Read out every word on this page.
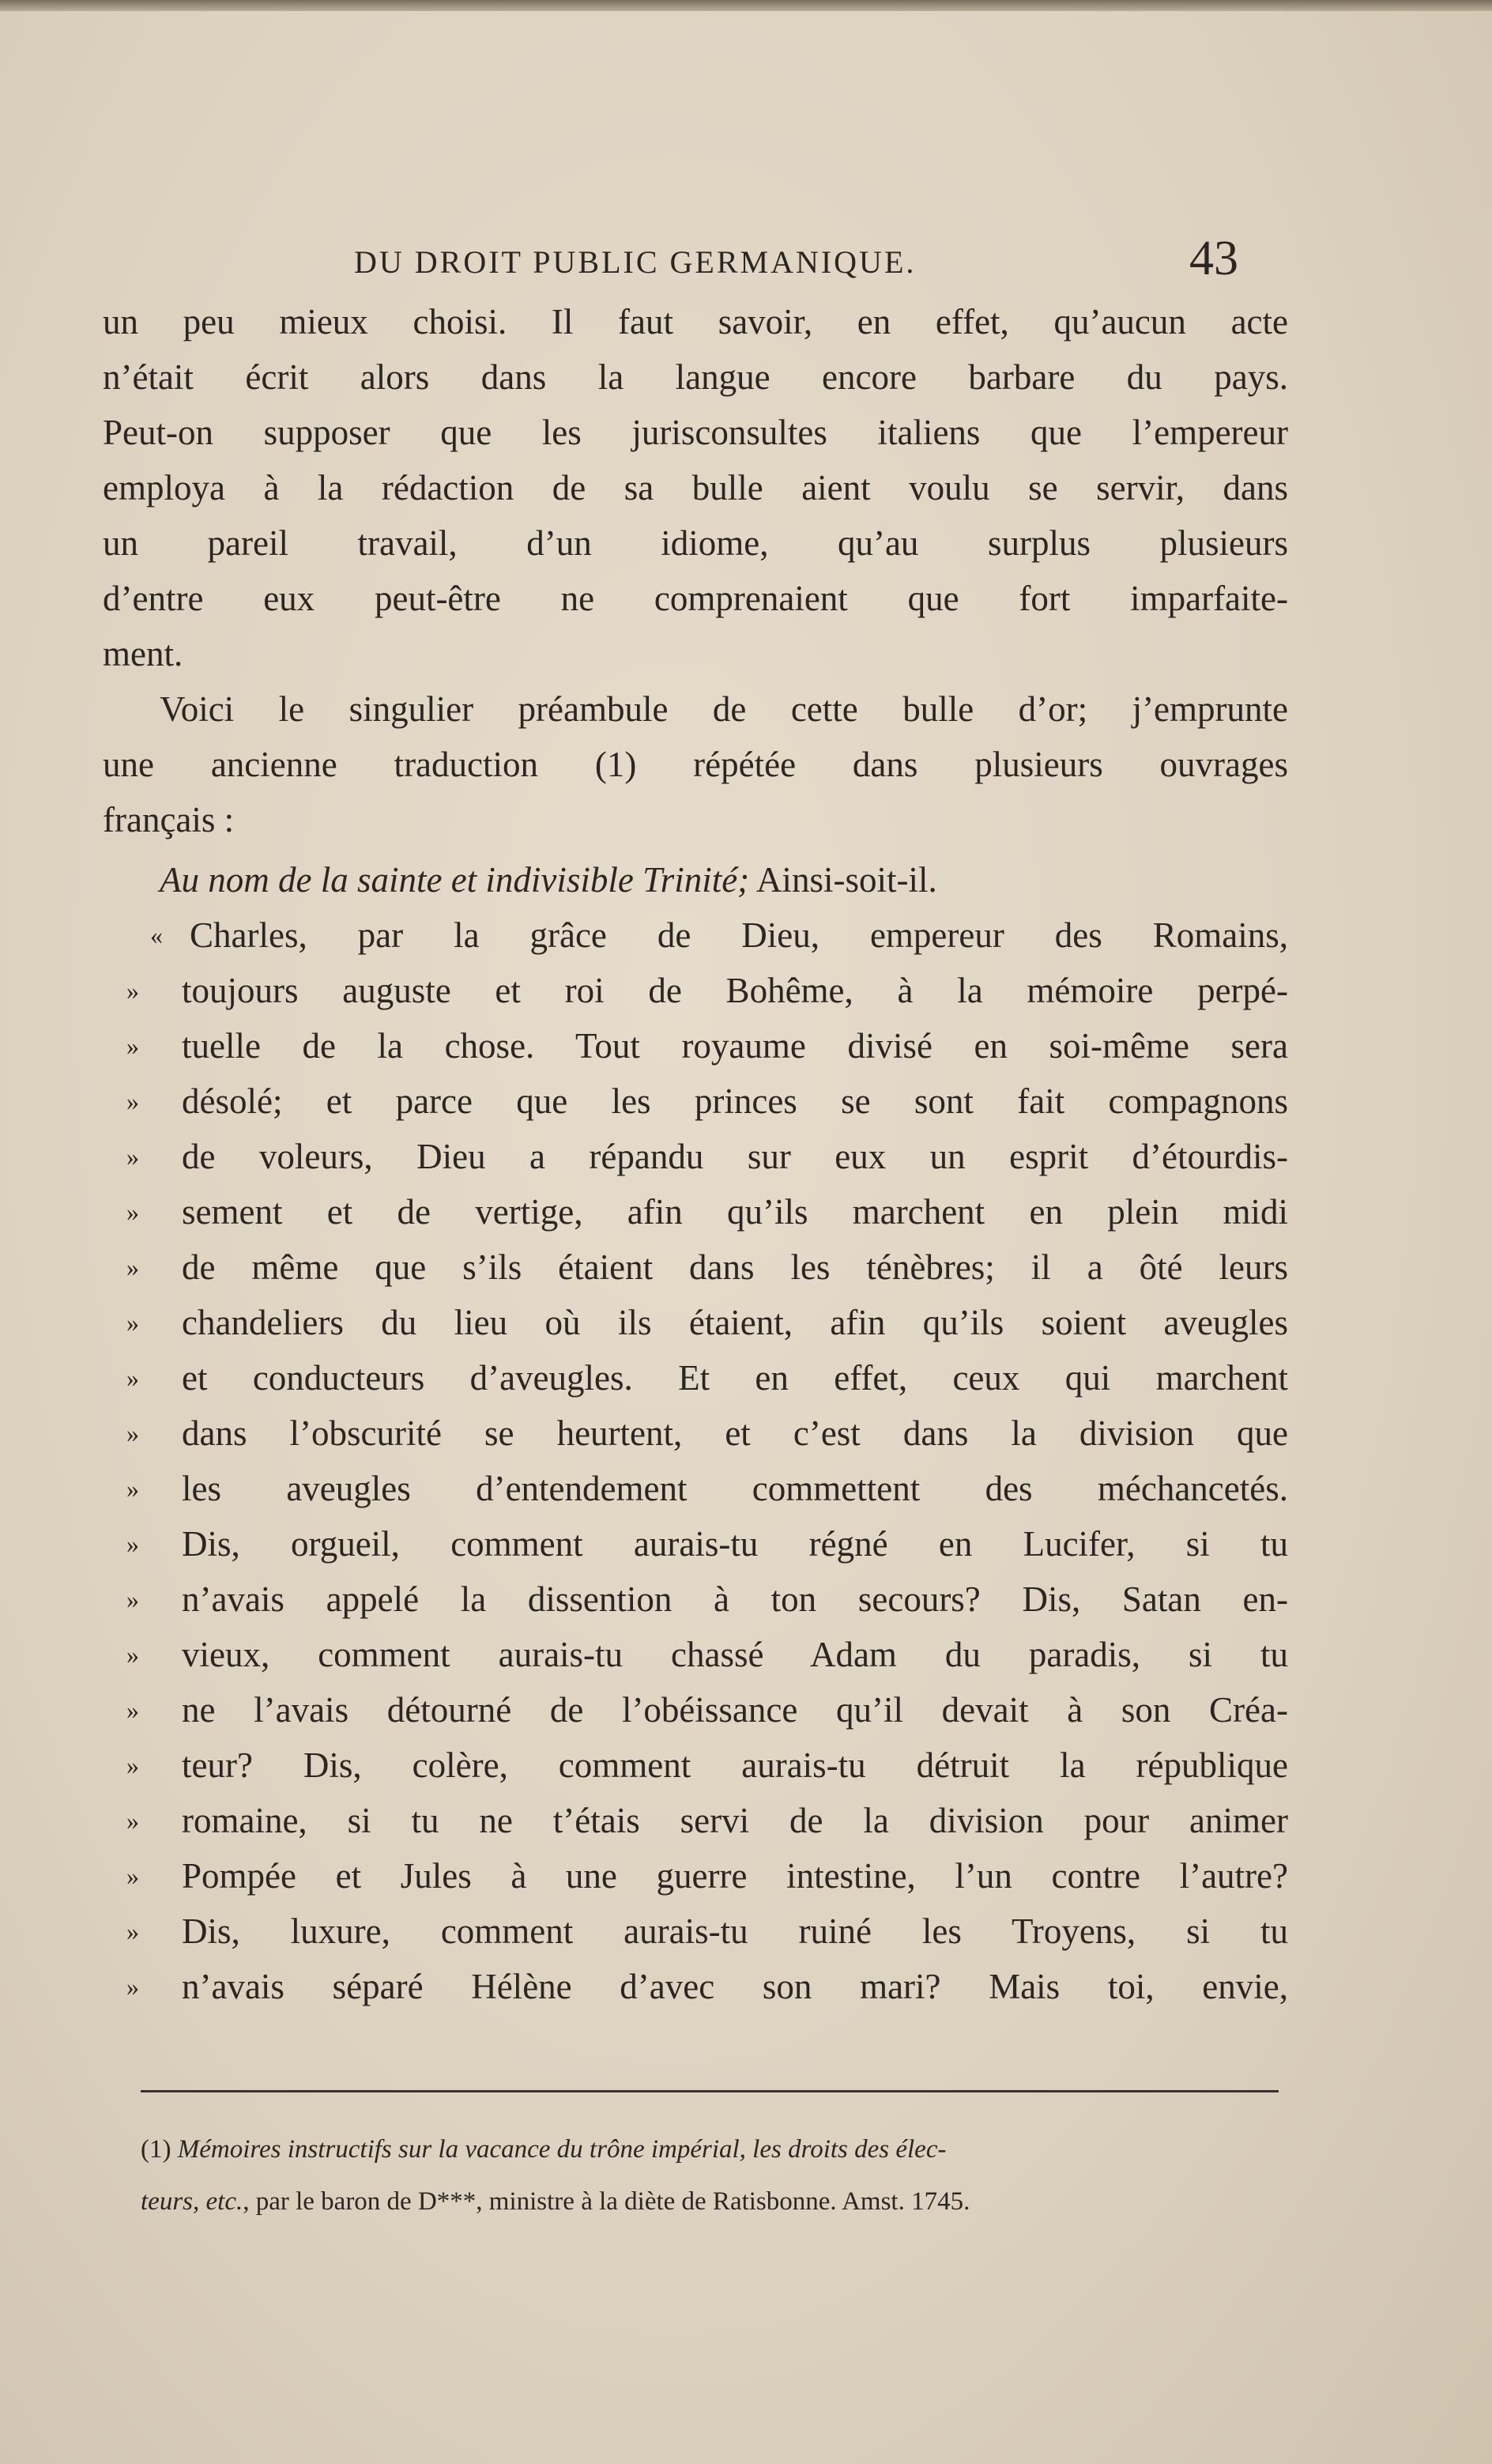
DU DROIT PUBLIC GERMANIQUE.	43
un peu mieux choisi. Il faut savoir, en effet, qu’aucun acte
n’était écrit alors dans la langue encore barbare du pays.
Peut-on supposer que les jurisconsultes italiens que l’empereur
employa à la rédaction de sa bulle aient voulu se servir, dans
un pareil travail, d’un idiome, qu’au surplus plusieurs
d’entre eux peut-être ne comprenaient que fort imparfaite-
ment.
Voici le singulier préambule de cette bulle d’or; j’emprunte
une ancienne traduction (1) répétée dans plusieurs ouvrages
français :
Au nom de la sainte et indivisible Trinité; Ainsi-soit-il.
« Charles, par la grâce de Dieu, empereur des Romains,
»	toujours auguste et roi de Bohême, à la mémoire perpé-
»	tuelle de la chose. Tout royaume divisé en soi-même sera
»	désolé; et parce que les princes se sont fait compagnons
»	de voleurs, Dieu a répandu sur eux un esprit d’étourdis-
»	sement et de vertige, afin qu’ils marchent en plein midi
»	de même que s’ils étaient dans les ténèbres; il a ôté leurs
»	chandeliers du lieu où ils étaient, afin qu’ils soient aveugles
»	et conducteurs d’aveugles. Et en effet, ceux qui marchent
»	dans l’obscurité se heurtent, et c’est dans la division que
»	les aveugles d’entendement commettent des méchancetés.
»	Dis, orgueil, comment aurais-tu régné en Lucifer, si tu
»	n’avais appelé la dissention à ton secours? Dis, Satan en-
»	vieux, comment aurais-tu chassé Adam du paradis, si tu
»	ne l’avais détourné de l’obéissance qu’il devait à son Créa-
»	teur? Dis, colère, comment aurais-tu détruit la république
»	romaine, si tu ne t’étais servi de la division pour animer
»	Pompée et Jules à une guerre intestine, l’un contre l’autre?
»	Dis, luxure, comment aurais-tu ruiné les Troyens, si tu
»	n’avais séparé Hélène d’avec son mari? Mais toi, envie,
(1) Mémoires instructifs sur la vacance du trône impérial, les droits des élec-
teurs, etc., par le baron de D***, ministre à la diète de Ratisbonne. Amst. 1745.
